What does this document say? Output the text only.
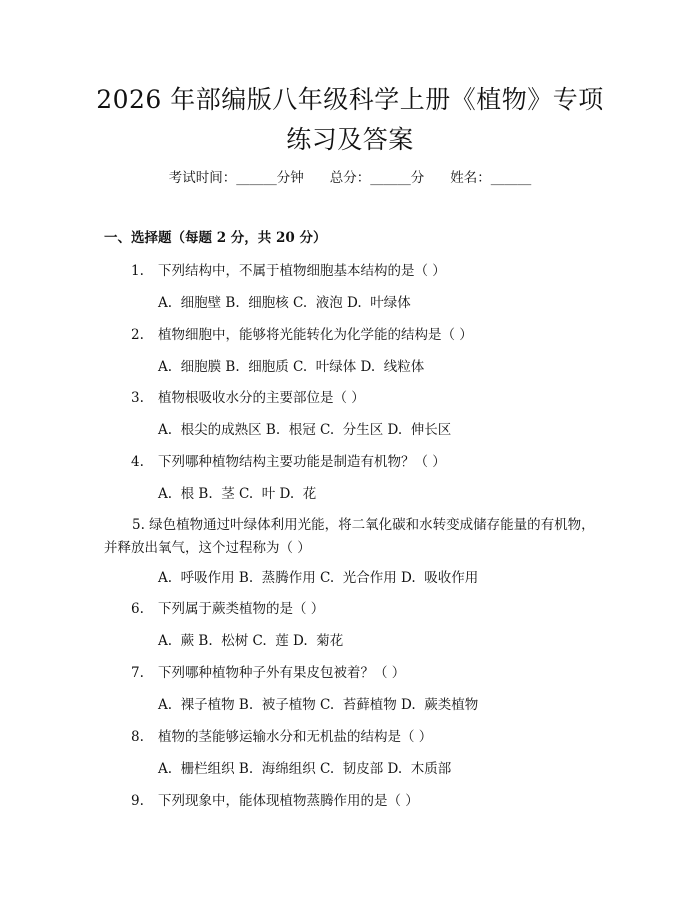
2026 年部编版八年级科学上册《植物》专项
练习及答案
考试时间：______分钟 总分：______分 姓名：______
一、选择题（每题 2 分，共 20 分）
1. 下列结构中，不属于植物细胞基本结构的是（ ）
A.  细胞壁 B.  细胞核 C.  液泡 D.  叶绿体
2. 植物细胞中，能够将光能转化为化学能的结构是（ ）
A.  细胞膜 B.  细胞质 C.  叶绿体 D.  线粒体
3. 植物根吸收水分的主要部位是（ ）
A.  根尖的成熟区 B.  根冠 C.  分生区 D.  伸长区
4. 下列哪种植物结构主要功能是制造有机物？（ ）
A.  根 B.  茎 C.  叶 D.  花
5. 绿色植物通过叶绿体利用光能，将二氧化碳和水转变成储存能量的有机物，并释放出氧气，这个过程称为（ ）
A.  呼吸作用 B.  蒸腾作用 C.  光合作用 D.  吸收作用
6. 下列属于蕨类植物的是（ ）
A.  蕨 B.  松树 C.  莲 D.  菊花
7. 下列哪种植物种子外有果皮包被着？（ ）
A.  裸子植物 B.  被子植物 C.  苔藓植物 D.  蕨类植物
8. 植物的茎能够运输水分和无机盐的结构是（ ）
A.  栅栏组织 B.  海绵组织 C.  韧皮部 D.  木质部
9. 下列现象中，能体现植物蒸腾作用的是（ ）
